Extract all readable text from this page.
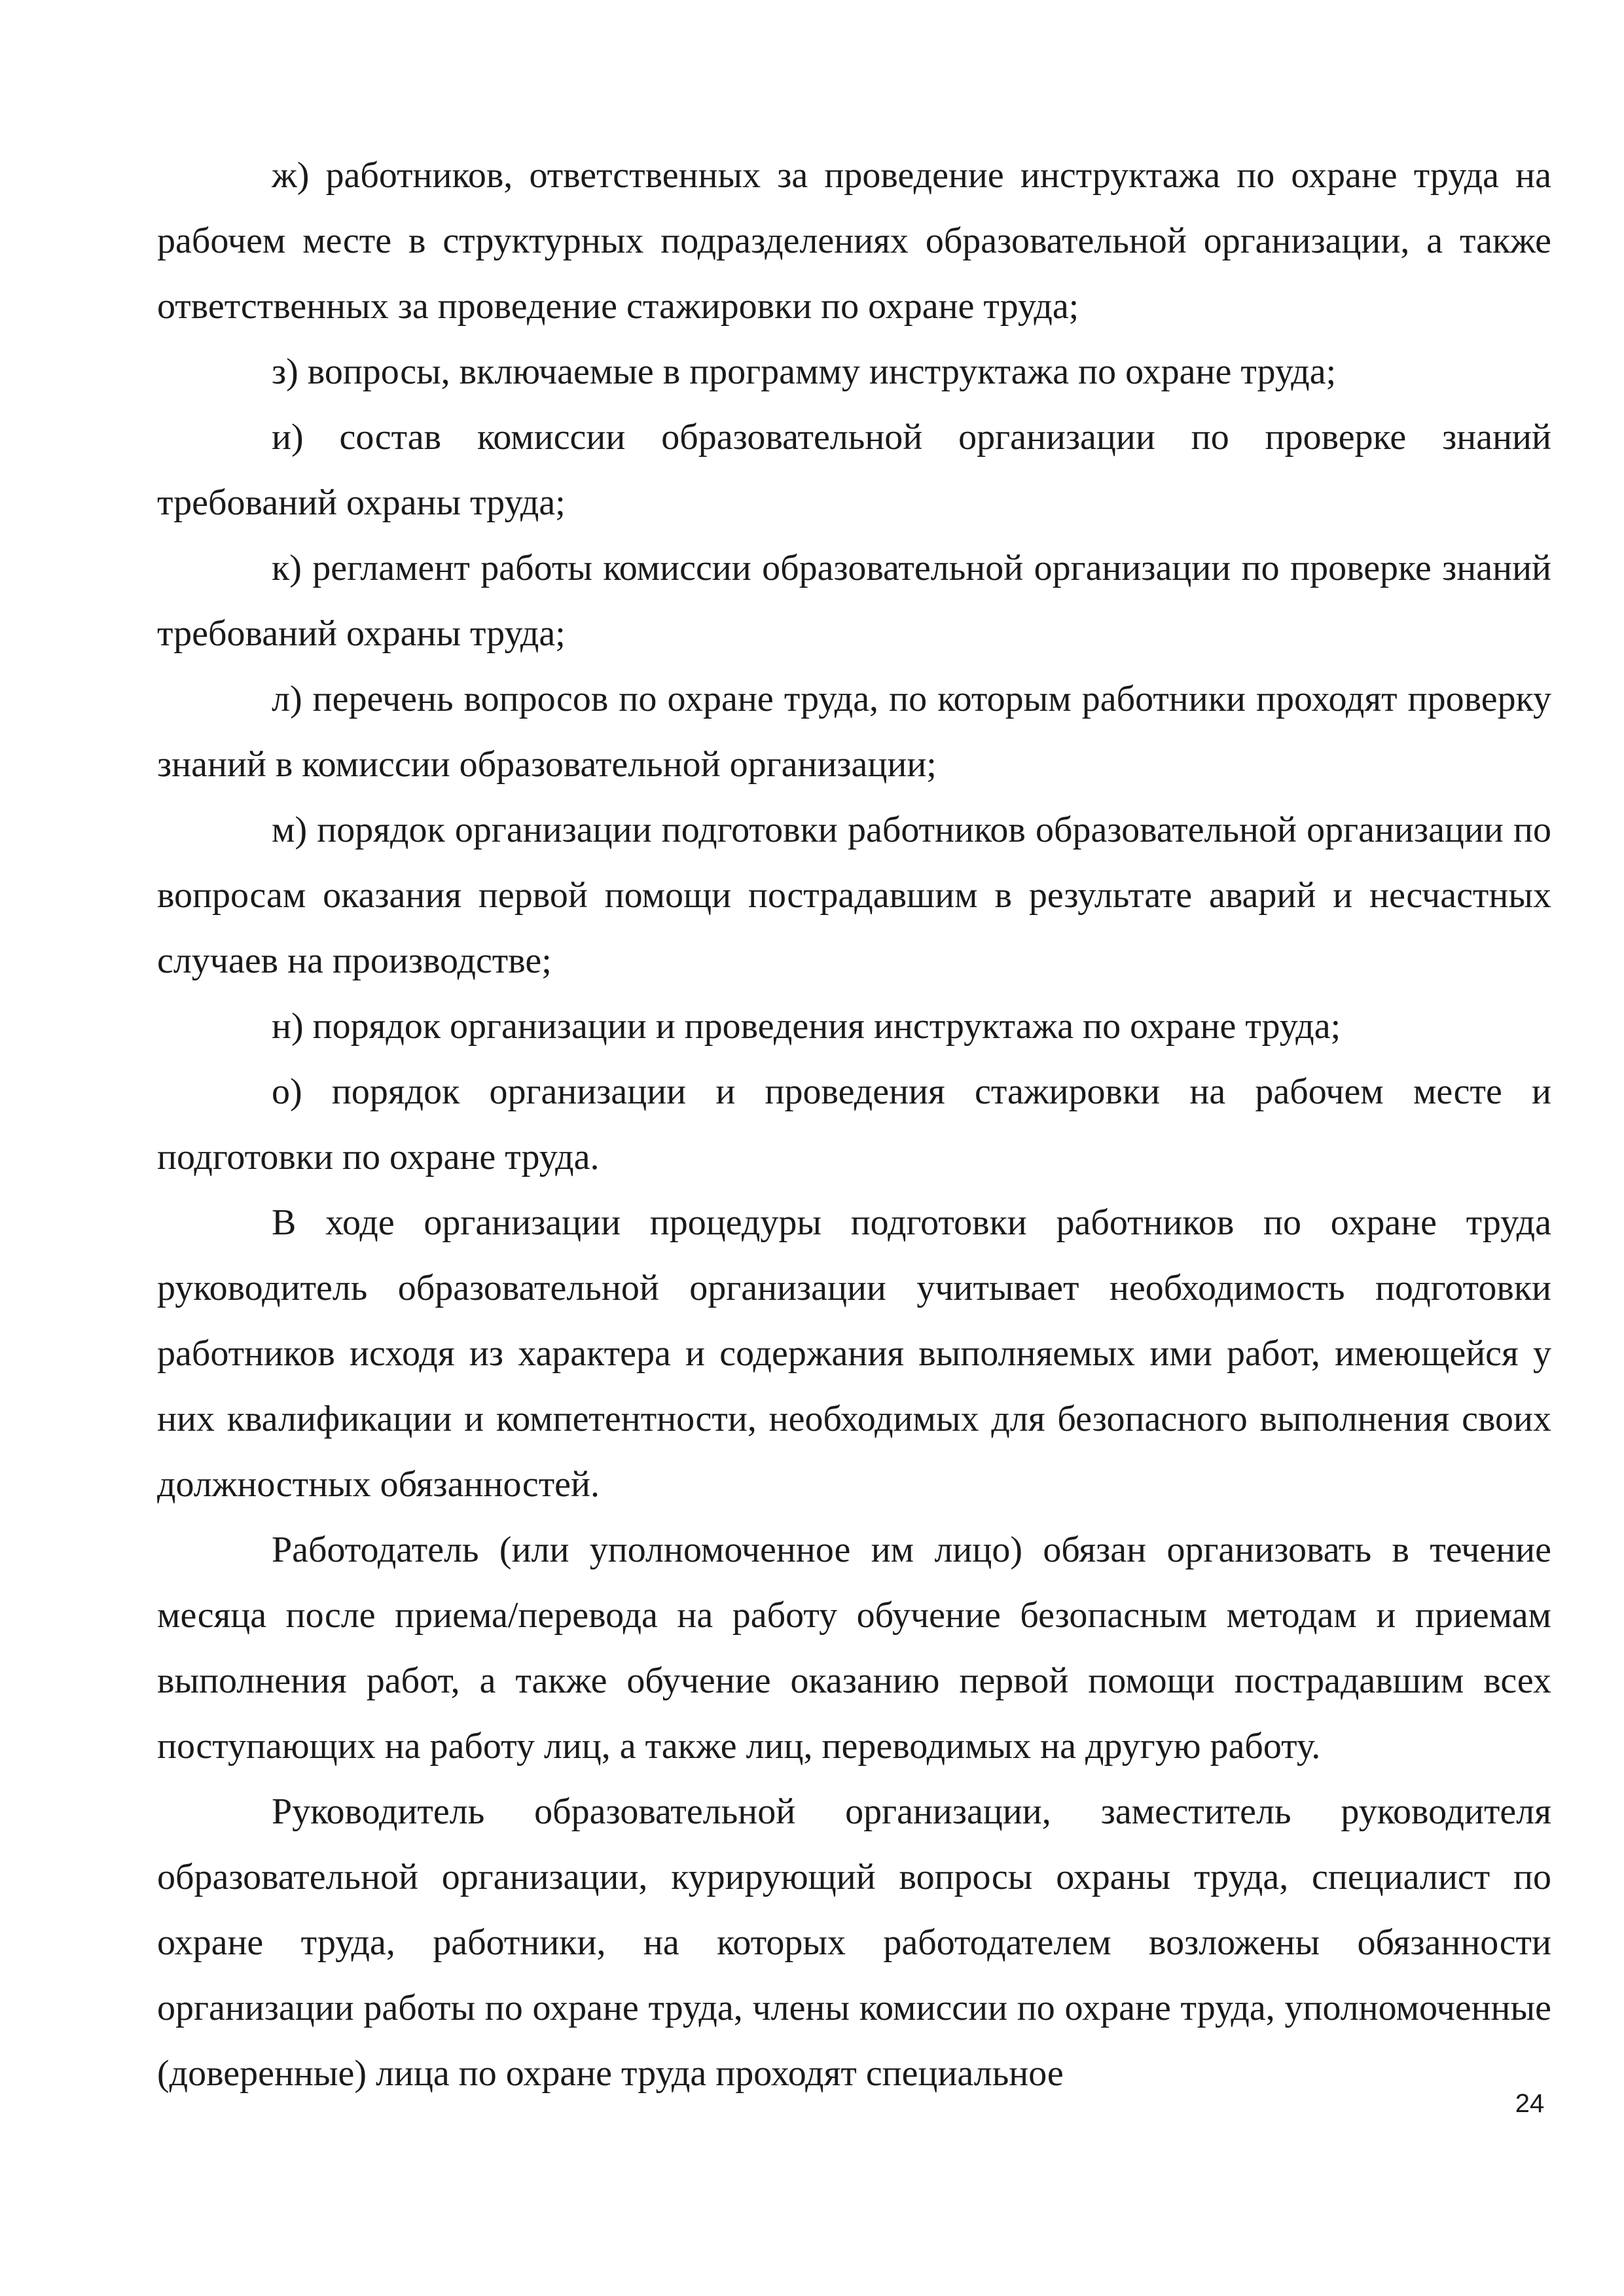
ж) работников, ответственных за проведение инструктажа по охране труда на рабочем месте в структурных подразделениях образовательной организации, а также ответственных за проведение стажировки по охране труда;

з) вопросы, включаемые в программу инструктажа по охране труда;

и) состав комиссии образовательной организации по проверке знаний требований охраны труда;

к) регламент работы комиссии образовательной организации по проверке знаний требований охраны труда;

л) перечень вопросов по охране труда, по которым работники проходят проверку знаний в комиссии образовательной организации;

м) порядок организации подготовки работников образовательной организации по вопросам оказания первой помощи пострадавшим в результате аварий и несчастных случаев на производстве;

н) порядок организации и проведения инструктажа по охране труда;

о) порядок организации и проведения стажировки на рабочем месте и подготовки по охране труда.

В ходе организации процедуры подготовки работников по охране труда руководитель образовательной организации учитывает необходимость подготовки работников исходя из характера и содержания выполняемых ими работ, имеющейся у них квалификации и компетентности, необходимых для безопасного выполнения своих должностных обязанностей.

Работодатель (или уполномоченное им лицо) обязан организовать в течение месяца после приема/перевода на работу обучение безопасным методам и приемам выполнения работ, а также обучение оказанию первой помощи пострадавшим всех поступающих на работу лиц, а также лиц, переводимых на другую работу.

Руководитель образовательной организации, заместитель руководителя образовательной организации, курирующий вопросы охраны труда, специалист по охране труда, работники, на которых работодателем возложены обязанности организации работы по охране труда, члены комиссии по охране труда, уполномоченные (доверенные) лица по охране труда проходят специальное

24
